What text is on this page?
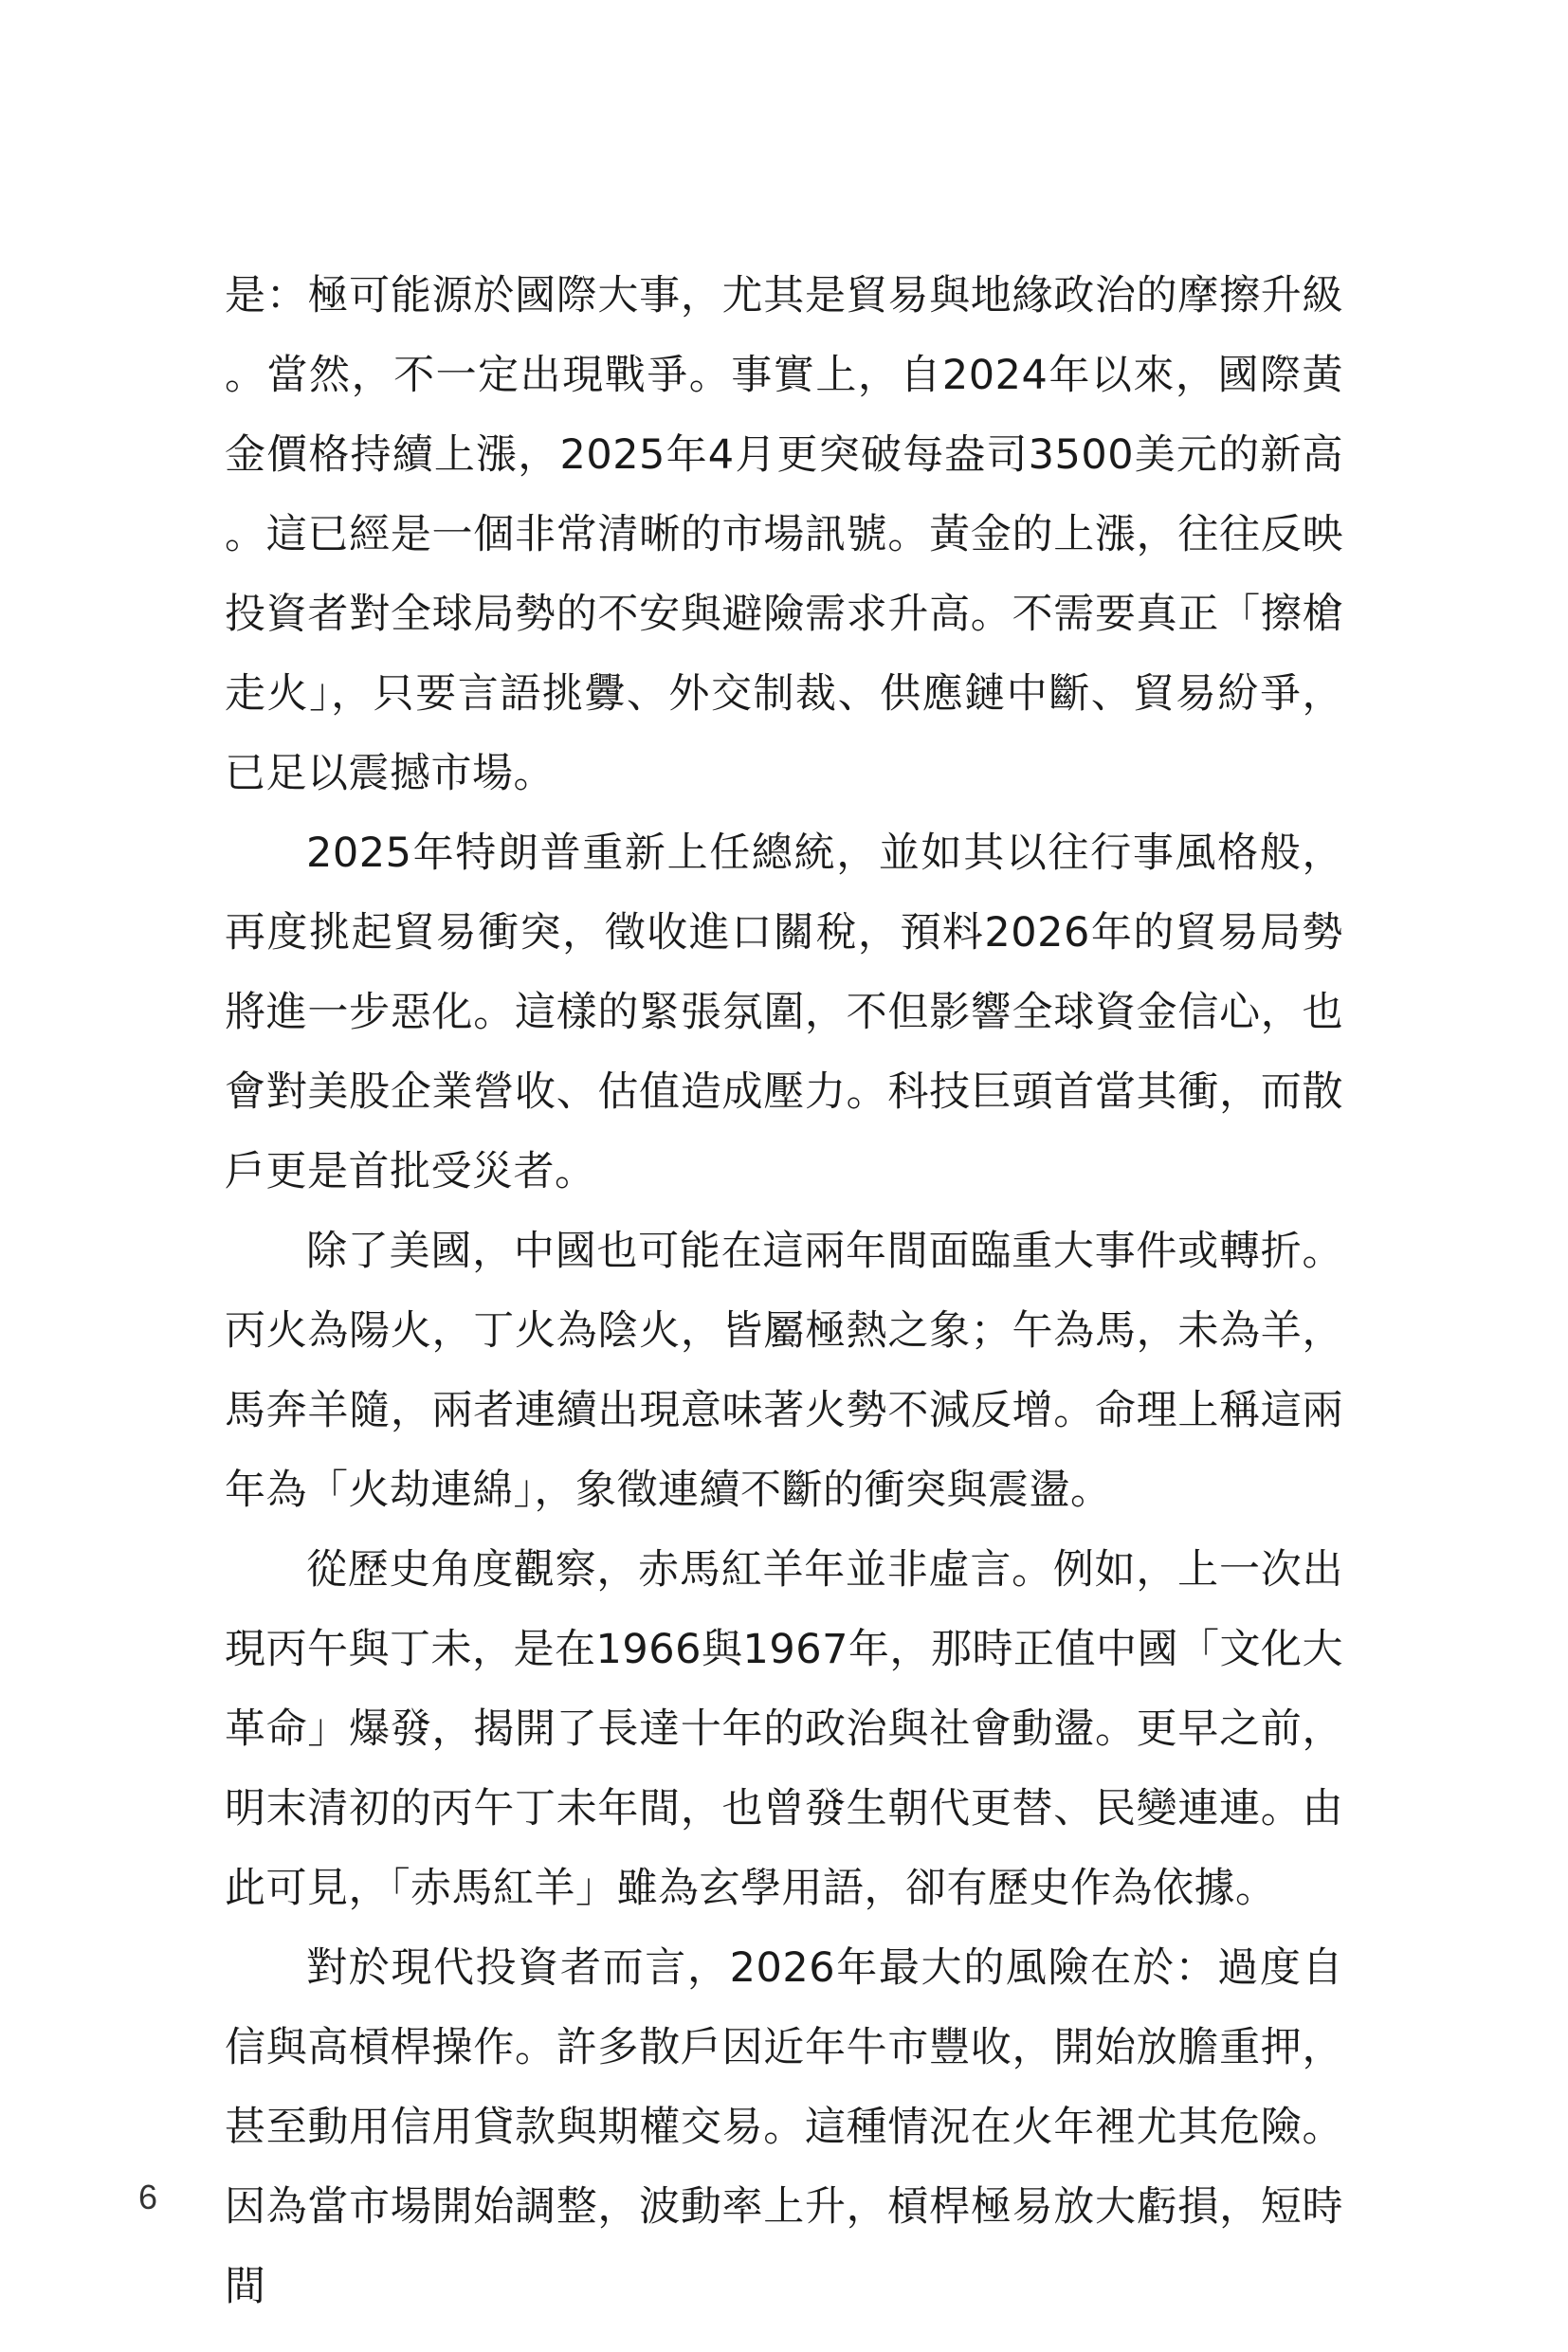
是：極可能源於國際大事，尤其是貿易與地緣政治的摩擦升級。當然，不一定出現戰爭。事實上，自2024年以來，國際黃金價格持續上漲，2025年4月更突破每盎司3500美元的新高。這已經是一個非常清晰的市場訊號。黃金的上漲，往往反映投資者對全球局勢的不安與避險需求升高。不需要真正「擦槍走火」，只要言語挑釁、外交制裁、供應鏈中斷、貿易紛爭，已足以震撼市場。

2025年特朗普重新上任總統，並如其以往行事風格般，再度挑起貿易衝突，徵收進口關稅，預料2026年的貿易局勢將進一步惡化。這樣的緊張氛圍，不但影響全球資金信心，也會對美股企業營收、估值造成壓力。科技巨頭首當其衝，而散戶更是首批受災者。

除了美國，中國也可能在這兩年間面臨重大事件或轉折。丙火為陽火，丁火為陰火，皆屬極熱之象；午為馬，未為羊，馬奔羊隨，兩者連續出現意味著火勢不減反增。命理上稱這兩年為「火劫連綿」，象徵連續不斷的衝突與震盪。

從歷史角度觀察，赤馬紅羊年並非虛言。例如，上一次出現丙午與丁未，是在1966與1967年，那時正值中國「文化大革命」爆發，揭開了長達十年的政治與社會動盪。更早之前，明末清初的丙午丁未年間，也曾發生朝代更替、民變連連。由此可見，「赤馬紅羊」雖為玄學用語，卻有歷史作為依據。

對於現代投資者而言，2026年最大的風險在於：過度自信與高槓桿操作。許多散戶因近年牛市豐收，開始放膽重押，甚至動用信用貸款與期權交易。這種情況在火年裡尤其危險。因為當市場開始調整，波動率上升，槓桿極易放大虧損，短時間

6
